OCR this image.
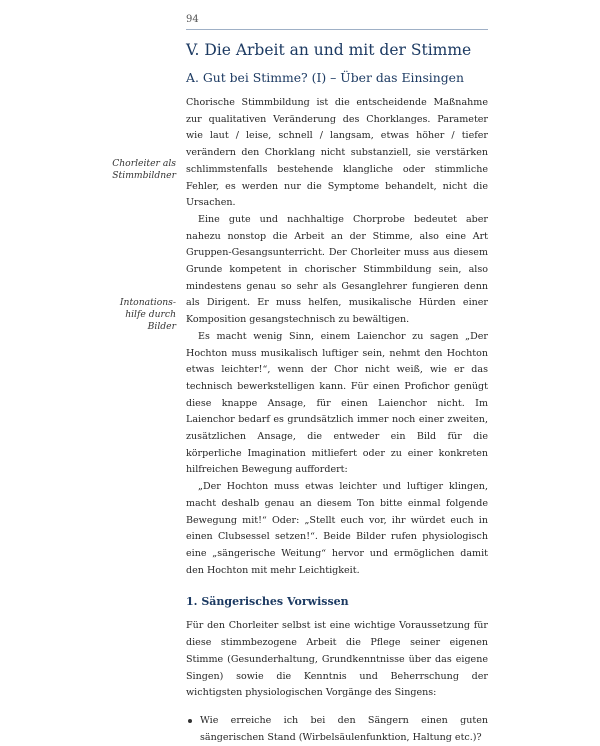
94
Chorleiter als
Stimmbildner
Intonations-
hilfe durch
Bilder
V. Die Arbeit an und mit der Stimme
A. Gut bei Stimme? (I) – Über das Einsingen

Chorische Stimmbildung ist die entscheidende Maßnahme zur qualitativen Veränderung des Chorklanges. Parameter wie laut / leise, schnell / langsam, etwas höher / tiefer verändern den Chorklang nicht substanziell, sie verstärken schlimmstenfalls bestehende klangliche oder stimmliche Fehler, es werden nur die Symptome behandelt, nicht die Ursachen.

Eine gute und nachhaltige Chorprobe bedeutet aber nahezu nonstop die Arbeit an der Stimme, also eine Art Gruppen-Gesangsunterricht. Der Chorleiter muss aus diesem Grunde kompetent in chorischer Stimmbildung sein, also mindestens genau so sehr als Gesanglehrer fungieren denn als Dirigent. Er muss helfen, musikalische Hürden einer Komposition gesangstechnisch zu bewältigen.

Es macht wenig Sinn, einem Laienchor zu sagen „Der Hochton muss musikalisch luftiger sein, nehmt den Hochton etwas leichter!“, wenn der Chor nicht weiß, wie er das technisch bewerkstelligen kann. Für einen Profichor genügt diese knappe Ansage, für einen Laienchor nicht. Im Laienchor bedarf es grundsätzlich immer noch einer zweiten, zusätzlichen Ansage, die entweder ein Bild für die körperliche Imagination mitliefert oder zu einer konkreten hilfreichen Bewegung auffordert:

„Der Hochton muss etwas leichter und luftiger klingen, macht deshalb genau an diesem Ton bitte einmal folgende Bewegung mit!“ Oder: „Stellt euch vor, ihr würdet euch in einen Clubsessel setzen!“. Beide Bilder rufen physiologisch eine „sängerische Weitung“ hervor und ermöglichen damit den Hochton mit mehr Leichtigkeit.

1. Sängerisches Vorwissen

Für den Chorleiter selbst ist eine wichtige Voraussetzung für diese stimmbezogene Arbeit die Pflege seiner eigenen Stimme (Gesunderhaltung, Grundkenntnisse über das eigene Singen) sowie die Kenntnis und Beherrschung der wichtigsten physiologischen Vorgänge des Singens:

Wie erreiche ich bei den Sängern einen guten sängerischen Stand (Wirbelsäulenfunktion, Haltung etc.)?
